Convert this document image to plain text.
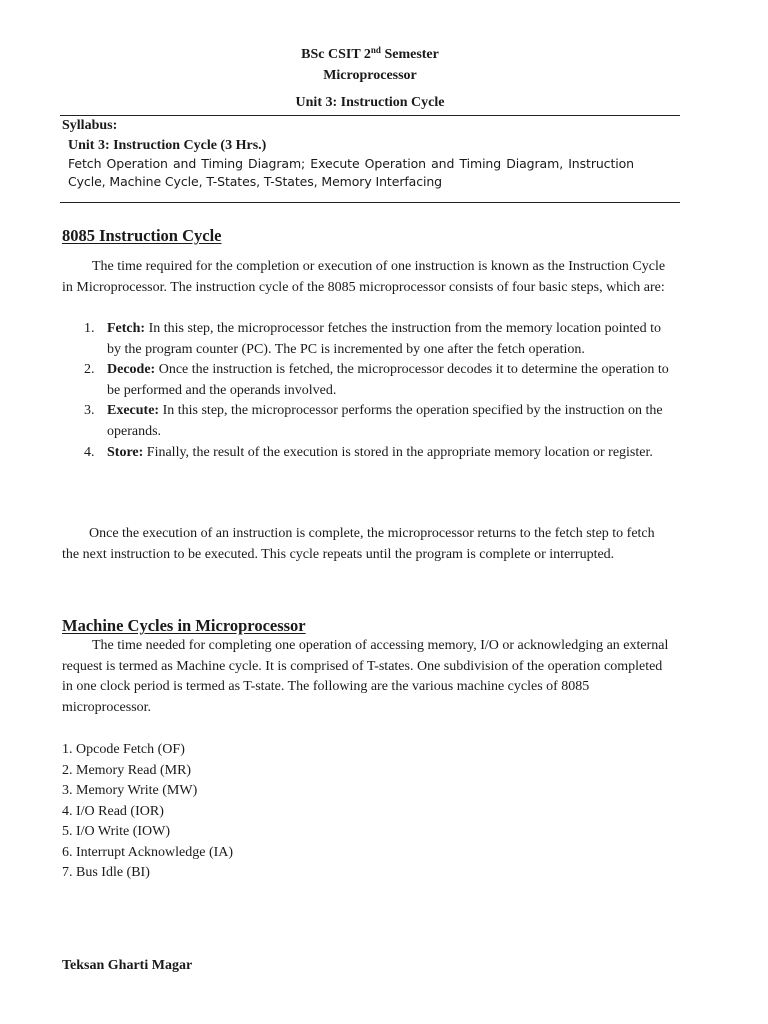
BSc CSIT 2nd Semester
Microprocessor
Unit 3: Instruction Cycle
Syllabus:
Unit 3: Instruction Cycle (3 Hrs.)
Fetch Operation and Timing Diagram; Execute Operation and Timing Diagram, Instruction Cycle, Machine Cycle, T-States, T-States, Memory Interfacing
8085 Instruction Cycle
The time required for the completion or execution of one instruction is known as the Instruction Cycle in Microprocessor. The instruction cycle of the 8085 microprocessor consists of four basic steps, which are:
1. Fetch: In this step, the microprocessor fetches the instruction from the memory location pointed to by the program counter (PC). The PC is incremented by one after the fetch operation.
2. Decode: Once the instruction is fetched, the microprocessor decodes it to determine the operation to be performed and the operands involved.
3. Execute: In this step, the microprocessor performs the operation specified by the instruction on the operands.
4. Store: Finally, the result of the execution is stored in the appropriate memory location or register.
Once the execution of an instruction is complete, the microprocessor returns to the fetch step to fetch the next instruction to be executed. This cycle repeats until the program is complete or interrupted.
Machine Cycles in Microprocessor
The time needed for completing one operation of accessing memory, I/O or acknowledging an external request is termed as Machine cycle. It is comprised of T-states. One subdivision of the operation completed in one clock period is termed as T-state. The following are the various machine cycles of 8085 microprocessor.
1. Opcode Fetch (OF)
2. Memory Read (MR)
3. Memory Write (MW)
4. I/O Read (IOR)
5. I/O Write (IOW)
6. Interrupt Acknowledge (IA)
7. Bus Idle (BI)
Teksan Gharti Magar
